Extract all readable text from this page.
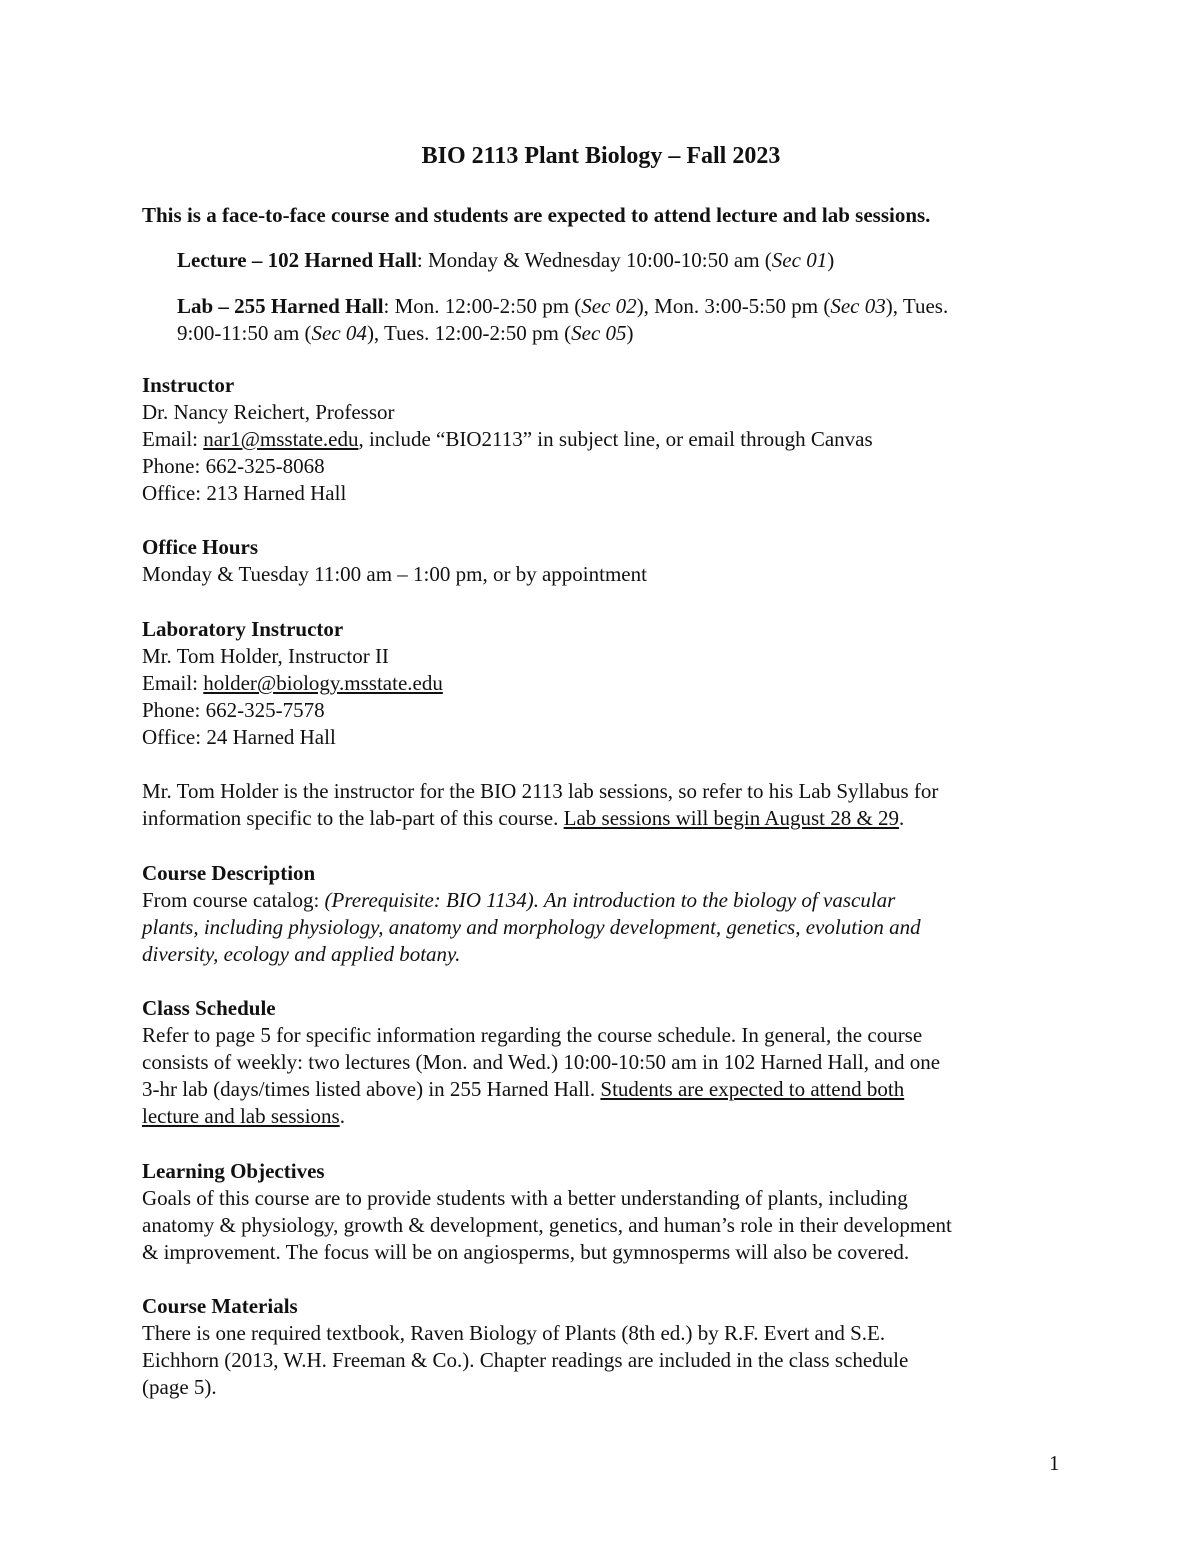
BIO 2113 Plant Biology – Fall 2023
This is a face-to-face course and students are expected to attend lecture and lab sessions.
Lecture – 102 Harned Hall: Monday & Wednesday 10:00-10:50 am (Sec 01)
Lab – 255 Harned Hall: Mon. 12:00-2:50 pm (Sec 02), Mon. 3:00-5:50 pm (Sec 03), Tues.
9:00-11:50 am (Sec 04), Tues. 12:00-2:50 pm (Sec 05)
Instructor
Dr. Nancy Reichert, Professor
Email: nar1@msstate.edu, include “BIO2113” in subject line, or email through Canvas
Phone: 662-325-8068
Office: 213 Harned Hall
Office Hours
Monday & Tuesday 11:00 am – 1:00 pm, or by appointment
Laboratory Instructor
Mr. Tom Holder, Instructor II
Email: holder@biology.msstate.edu
Phone: 662-325-7578
Office: 24 Harned Hall
Mr. Tom Holder is the instructor for the BIO 2113 lab sessions, so refer to his Lab Syllabus for
information specific to the lab-part of this course. Lab sessions will begin August 28 & 29.
Course Description
From course catalog: (Prerequisite: BIO 1134). An introduction to the biology of vascular
plants, including physiology, anatomy and morphology development, genetics, evolution and
diversity, ecology and applied botany.
Class Schedule
Refer to page 5 for specific information regarding the course schedule. In general, the course
consists of weekly: two lectures (Mon. and Wed.) 10:00-10:50 am in 102 Harned Hall, and one
3-hr lab (days/times listed above) in 255 Harned Hall. Students are expected to attend both
lecture and lab sessions.
Learning Objectives
Goals of this course are to provide students with a better understanding of plants, including
anatomy & physiology, growth & development, genetics, and human’s role in their development
& improvement. The focus will be on angiosperms, but gymnosperms will also be covered.
Course Materials
There is one required textbook, Raven Biology of Plants (8th ed.) by R.F. Evert and S.E.
Eichhorn (2013, W.H. Freeman & Co.). Chapter readings are included in the class schedule
(page 5).
1
